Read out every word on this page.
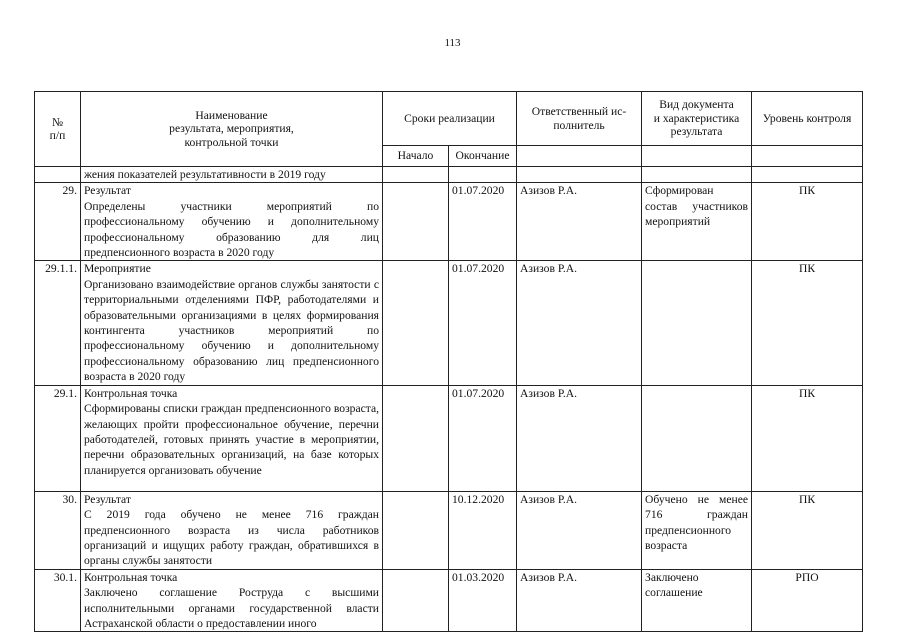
113
№
п/п	Наименование
результата, мероприятия,
контрольной точки	Сроки реализации		Ответственный ис-
полнитель	Вид документа
и характеристика
результата	Уровень контроля
		Начало	Окончание			
	жения показателей результативности в 2019 году					
29.	Результат
Определены участники мероприятий по профессиональному обучению и дополнительному профессиональному образованию для лиц предпенсионного возраста в 2020 году		01.07.2020	Азизов Р.А.	Сформирован состав участников мероприятий	ПК
29.1.1.	Мероприятие
Организовано взаимодействие органов службы занятости с территориальными отделениями ПФР, работодателями и образовательными организациями в целях формирования контингента участников мероприятий по профессиональному обучению и дополнительному профессиональному образованию лиц предпенсионного возраста в 2020 году		01.07.2020	Азизов Р.А.		ПК
29.1.	Контрольная точка
Сформированы списки граждан предпенсионного возраста, желающих пройти профессиональное обучение, перечни работодателей, готовых принять участие в мероприятии, перечни образовательных организаций, на базе которых планируется организовать обучение		01.07.2020	Азизов Р.А.		ПК
30.	Результат
С 2019 года обучено не менее 716 граждан предпенсионного возраста из числа работников организаций и ищущих работу граждан, обратившихся в органы службы занятости		10.12.2020	Азизов Р.А.	Обучено не менее 716 граждан предпенсионного возраста	ПК
30.1.	Контрольная точка
Заключено соглашение Роструда с высшими исполнительными органами государственной власти Астраханской области о предоставлении иного		01.03.2020	Азизов Р.А.	Заключено соглашение	РПО
